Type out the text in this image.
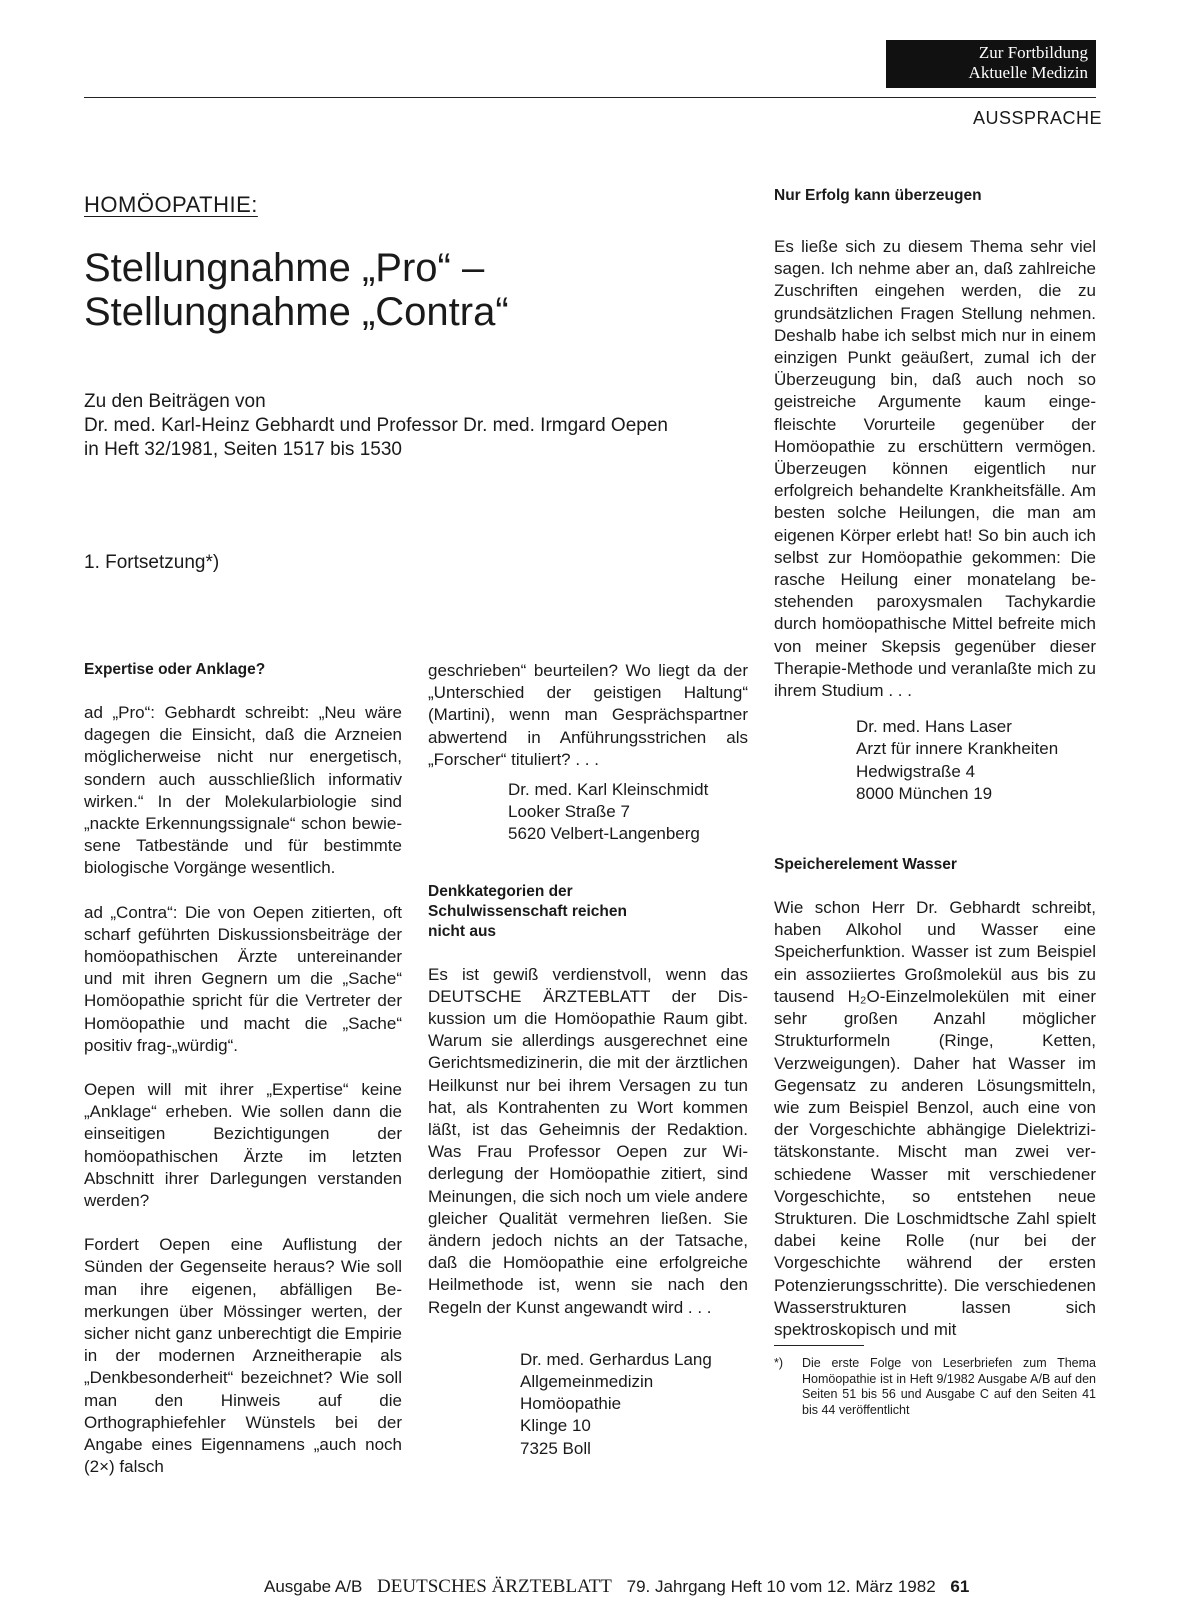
Zur Fortbildung
Aktuelle Medizin
AUSSPRACHE
HOMÖOPATHIE:
Stellungnahme „Pro“ –
Stellungnahme „Contra“
Zu den Beiträgen von
Dr. med. Karl-Heinz Gebhardt und Professor Dr. med. Irmgard Oepen
in Heft 32/1981, Seiten 1517 bis 1530
1. Fortsetzung*)
Expertise oder Anklage?

ad „Pro“: Gebhardt schreibt: „Neu wäre dagegen die Einsicht, daß die Arzneien möglicherweise nicht nur energetisch, sondern auch ausschließlich informativ wirken.“ In der Molekularbiologie sind „nackte Erkennungssignale“ schon bewiesene Tatbestände und für bestimmte biologische Vorgänge wesentlich.

ad „Contra“: Die von Oepen zitierten, oft scharf geführten Diskussionsbeiträge der homöopathischen Ärzte untereinander und mit ihren Gegnern um die „Sache“ Homöopathie spricht für die Vertreter der Homöopathie und macht die „Sache“ positiv frag-„würdig“.

Oepen will mit ihrer „Expertise“ keine „Anklage“ erheben. Wie sollen dann die einseitigen Bezichtigungen der homöopathischen Ärzte im letzten Abschnitt ihrer Darlegungen verstanden werden?

Fordert Oepen eine Auflistung der Sünden der Gegenseite heraus? Wie soll man ihre eigenen, abfälligen Bemerkungen über Mössinger werten, der sicher nicht ganz unberechtigt die Empirie in der modernen Arzneitherapie als „Denkbesonderheit“ bezeichnet? Wie soll man den Hinweis auf die Orthographiefehler Wünstels bei der Angabe eines Eigennamens „auch noch (2×) falsch

geschrieben“ beurteilen? Wo liegt da der „Unterschied der geistigen Haltung“ (Martini), wenn man Gesprächspartner abwertend in Anführungsstrichen als „Forscher“ tituliert? . . .

Dr. med. Karl Kleinschmidt
Looker Straße 7
5620 Velbert-Langenberg
Denkkategorien der Schulwissenschaft reichen nicht aus

Es ist gewiß verdienstvoll, wenn das DEUTSCHE ÄRZTEBLATT der Diskussion um die Homöopathie Raum gibt. Warum sie allerdings ausgerechnet eine Gerichtsmedizinerin, die mit der ärztlichen Heilkunst nur bei ihrem Versagen zu tun hat, als Kontrahenten zu Wort kommen läßt, ist das Geheimnis der Redaktion. Was Frau Professor Oepen zur Widerlegung der Homöopathie zitiert, sind Meinungen, die sich noch um viele andere gleicher Qualität vermehren ließen. Sie ändern jedoch nichts an der Tatsache, daß die Homöopathie eine erfolgreiche Heilmethode ist, wenn sie nach den Regeln der Kunst angewandt wird . . .

Dr. med. Gerhardus Lang
Allgemeinmedizin
Homöopathie
Klinge 10
7325 Boll
Nur Erfolg kann überzeugen

Es ließe sich zu diesem Thema sehr viel sagen. Ich nehme aber an, daß zahlreiche Zuschriften eingehen werden, die zu grundsätzlichen Fragen Stellung nehmen. Deshalb habe ich selbst mich nur in einem einzigen Punkt geäußert, zumal ich der Überzeugung bin, daß auch noch so geistreiche Argumente kaum eingefleischte Vorurteile gegenüber der Homöopathie zu erschüttern vermögen. Überzeugen können eigentlich nur erfolgreich behandelte Krankheitsfälle. Am besten solche Heilungen, die man am eigenen Körper erlebt hat! So bin auch ich selbst zur Homöopathie gekommen: Die rasche Heilung einer monatelang bestehenden paroxysmalen Tachykardie durch homöopathische Mittel befreite mich von meiner Skepsis gegenüber dieser Therapie-Methode und veranlaßte mich zu ihrem Studium . . .

Dr. med. Hans Laser
Arzt für innere Krankheiten
Hedwigstraße 4
8000 München 19
Speicherelement Wasser

Wie schon Herr Dr. Gebhardt schreibt, haben Alkohol und Wasser eine Speicherfunktion. Wasser ist zum Beispiel ein assoziiertes Großmolekül aus bis zu tausend H₂O-Einzelmolekülen mit einer sehr großen Anzahl möglicher Strukturformeln (Ringe, Ketten, Verzweigungen). Daher hat Wasser im Gegensatz zu anderen Lösungsmitteln, wie zum Beispiel Benzol, auch eine von der Vorgeschichte abhängige Dielektrizitätskonstante. Mischt man zwei verschiedene Wasser mit verschiedener Vorgeschichte, so entstehen neue Strukturen. Die Loschmidtsche Zahl spielt dabei keine Rolle (nur bei der Vorgeschichte während der ersten Potenzierungsschritte). Die verschiedenen Wasserstrukturen lassen sich spektroskopisch und mit

*)	Die erste Folge von Leserbriefen zum Thema Homöopathie ist in Heft 9/1982 Ausgabe A/B auf den Seiten 51 bis 56 und Ausgabe C auf den Seiten 41 bis 44 veröffentlicht
Ausgabe A/B DEUTSCHES ÄRZTEBLATT 79. Jahrgang Heft 10 vom 12. März 1982 61
